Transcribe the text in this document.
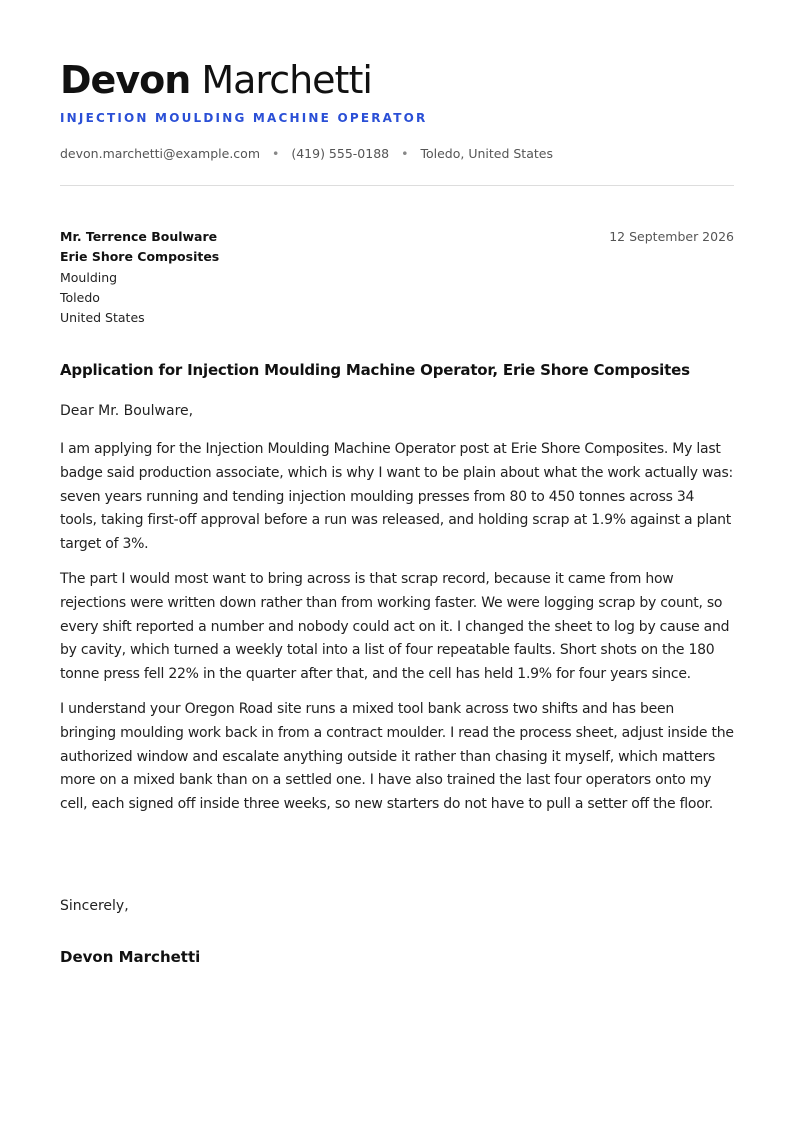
Devon Marchetti
INJECTION MOULDING MACHINE OPERATOR
devon.marchetti@example.com • (419) 555-0188 • Toledo, United States
Mr. Terrence Boulware
Erie Shore Composites
Moulding
Toledo
United States
12 September 2026
Application for Injection Moulding Machine Operator, Erie Shore Composites
Dear Mr. Boulware,

I am applying for the Injection Moulding Machine Operator post at Erie Shore Composites. My last badge said production associate, which is why I want to be plain about what the work actually was: seven years running and tending injection moulding presses from 80 to 450 tonnes across 34 tools, taking first-off approval before a run was released, and holding scrap at 1.9% against a plant target of 3%.

The part I would most want to bring across is that scrap record, because it came from how rejections were written down rather than from working faster. We were logging scrap by count, so every shift reported a number and nobody could act on it. I changed the sheet to log by cause and by cavity, which turned a weekly total into a list of four repeatable faults. Short shots on the 180 tonne press fell 22% in the quarter after that, and the cell has held 1.9% for four years since.

I understand your Oregon Road site runs a mixed tool bank across two shifts and has been bringing moulding work back in from a contract moulder. I read the process sheet, adjust inside the authorized window and escalate anything outside it rather than chasing it myself, which matters more on a mixed bank than on a settled one. I have also trained the last four operators onto my cell, each signed off inside three weeks, so new starters do not have to pull a setter off the floor.

Sincerely,
Devon Marchetti
